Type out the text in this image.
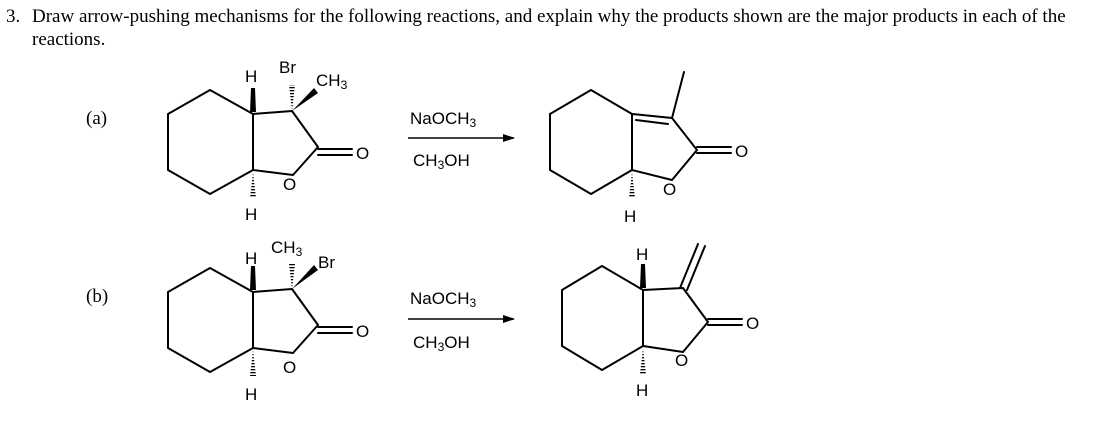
3. Draw arrow-pushing mechanisms for the following reactions, and explain why the products shown are the major products in each of the reactions.
(a)
(b)
H Br
CH3
O
O
H
NaOCH3
CH3OH	O
O
H
H
CH3
Br
O
O
H
NaOCH3
CH3OH
H
O
O
H
